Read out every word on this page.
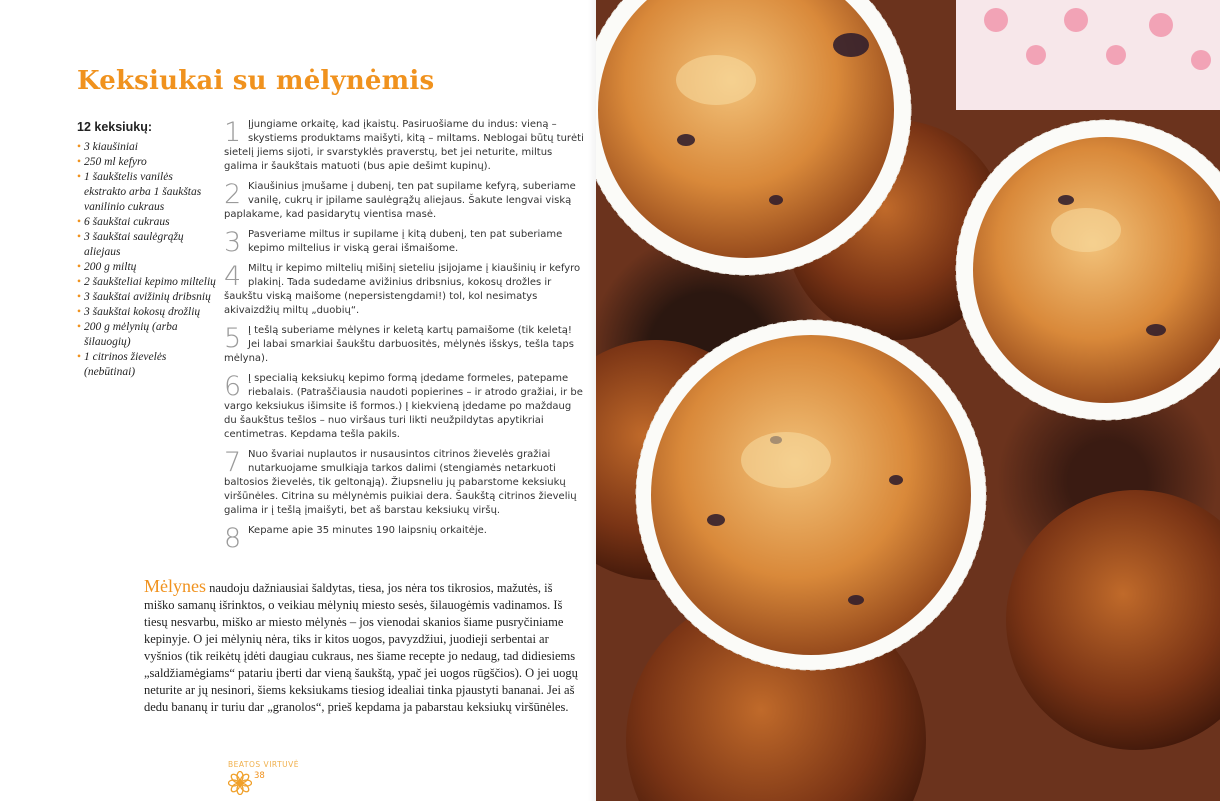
Keksiukai su mėlynėmis
12 keksiukų:
• 3 kiaušiniai
• 250 ml kefyro
• 1 šaukštelis vanilės ekstrakto arba 1 šaukštas vanilinio cukraus
• 6 šaukštai cukraus
• 3 šaukštai saulėgrąžų aliejaus
• 200 g miltų
• 2 šaukšteliai kepimo miltelių
• 3 šaukštai avižinių dribsnių
• 3 šaukštai kokosų drožlių
• 200 g mėlynių (arba šilauogių)
• 1 citrinos žievelės (nebūtinai)
1 Įjungiame orkaitę, kad įkaistų. Pasiruošiame du indus: vieną – skystiems produktams maišyti, kitą – miltams. Neblogai būtų turėti sietelį jiems sijoti, ir svarstyklės praverstų, bet jei neturite, miltus galima ir šaukštais matuoti (bus apie dešimt kupinų).

2 Kiaušinius įmušame į dubenį, ten pat supilame kefyrą, suberiame vanilę, cukrų ir įpilame saulėgrąžų aliejaus. Šakute lengvai viską paplakame, kad pasidarytų vientisa masė.

3 Pasveriame miltus ir supilame į kitą dubenį, ten pat suberiame kepimo miltelius ir viską gerai išmaišome.

4 Miltų ir kepimo miltelių mišinį sieteliu įsijojame į kiaušinių ir kefyro plakinį. Tada sudedame avižinius dribsnius, kokosų drožles ir šaukštu viską maišome (nepersistengdami!) tol, kol nesimatys akivaizdžių miltų „duobių“.

5 Į tešlą suberiame mėlynes ir keletą kartų pamaišome (tik keletą! Jei labai smarkiai šaukštu darbuositės, mėlynės išskys, tešla taps mėlyna).

6 Į specialią keksiukų kepimo formą įdedame formeles, patepame riebalais. (Patraščiausia naudoti popierines – ir atrodo gražiai, ir be vargo keksiukus išimsite iš formos.) Į kiekvieną įdedame po maždaug du šaukštus tešlos – nuo viršaus turi likti neužpildytas apytikriai centimetras. Kepdama tešla pakils.

7 Nuo švariai nuplautos ir nusausintos citrinos žievelės gražiai nutarkuojame smulkiąja tarkos dalimi (stengiamės netarkuoti baltosios žievelės, tik geltonąją). Žiupsneliu jų pabarstome keksiukų viršūnėles. Citrina su mėlynėmis puikiai dera. Šaukštą citrinos žievelių galima ir į tešlą įmaišyti, bet aš barstau keksiukų viršų.

8 Kepame apie 35 minutes 190 laipsnių orkaitėje.

Mėlynes naudoju dažniausiai šaldytas, tiesa, jos nėra tos tikrosios, mažutės, iš miško samanų išrinktos, o veikiau mėlynių miesto sesės, šilauogėmis vadinamos. Iš tiesų nesvarbu, miško ar miesto mėlynės – jos vienodai skanios šiame pusryčiniame kepinyje. O jei mėlynių nėra, tiks ir kitos uogos, pavyzdžiui, juodieji serbentai ar vyšnios (tik reikėtų įdėti daugiau cukraus, nes šiame recepte jo nedaug, tad didiesiems „saldžiamėgiams“ patariu įberti dar vieną šaukštą, ypač jei uogos rūgščios). O jei uogų neturite ar jų nesinori, šiems keksiukams tiesiog idealiai tinka pjaustyti bananai. Jei aš dedu bananų ir turiu dar „granolos“, prieš kepdama ja pabarstau keksiukų viršūnėles.

BEATOS VIRTUVĖ
38
